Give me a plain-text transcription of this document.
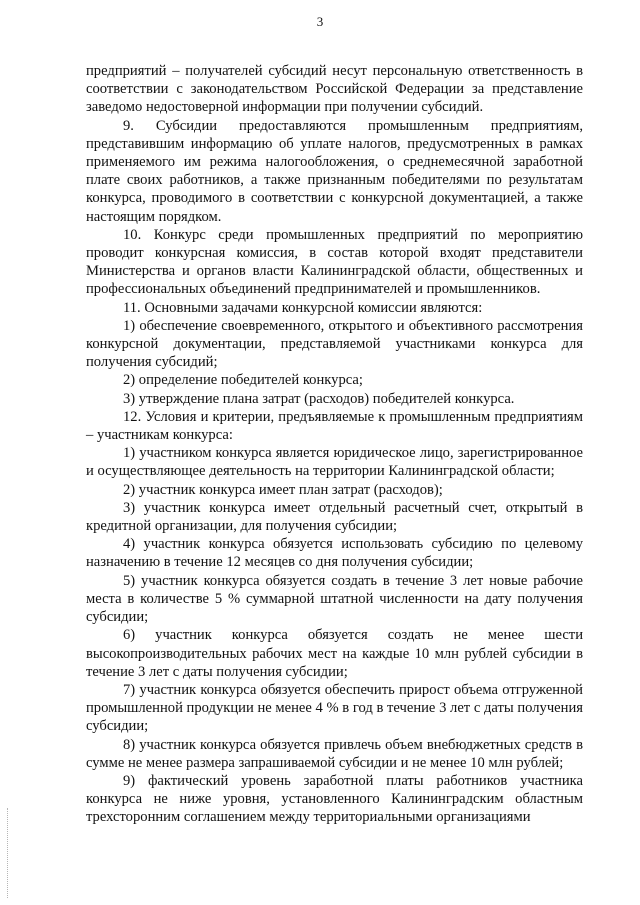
3

предприятий – получателей субсидий несут персональную ответственность в соответствии с законодательством Российской Федерации за представление заведомо недостоверной информации при получении субсидий.

9. Субсидии предоставляются промышленным предприятиям, представившим информацию об уплате налогов, предусмотренных в рамках применяемого им режима налогообложения, о среднемесячной заработной плате своих работников, а также признанным победителями по результатам конкурса, проводимого в соответствии с конкурсной документацией, а также настоящим порядком.

10. Конкурс среди промышленных предприятий по мероприятию проводит конкурсная комиссия, в состав которой входят представители Министерства и органов власти Калининградской области, общественных и профессиональных объединений предпринимателей и промышленников.

11. Основными задачами конкурсной комиссии являются:

1) обеспечение своевременного, открытого и объективного рассмотрения конкурсной документации, представляемой участниками конкурса для получения субсидий;

2) определение победителей конкурса;

3) утверждение плана затрат (расходов) победителей конкурса.

12. Условия и критерии, предъявляемые к промышленным предприятиям – участникам конкурса:

1) участником конкурса является юридическое лицо, зарегистрированное и осуществляющее деятельность на территории Калининградской области;

2) участник конкурса имеет план затрат (расходов);

3) участник конкурса имеет отдельный расчетный счет, открытый в кредитной организации, для получения субсидии;

4) участник конкурса обязуется использовать субсидию по целевому назначению в течение 12 месяцев со дня получения субсидии;

5) участник конкурса обязуется создать в течение 3 лет новые рабочие места в количестве 5 % суммарной штатной численности на дату получения субсидии;

6) участник конкурса обязуется создать не менее шести высокопроизводительных рабочих мест на каждые 10 млн рублей субсидии в течение 3 лет с даты получения субсидии;

7) участник конкурса обязуется обеспечить прирост объема отгруженной промышленной продукции не менее 4 % в год в течение 3 лет с даты получения субсидии;

8) участник конкурса обязуется привлечь объем внебюджетных средств в сумме не менее размера запрашиваемой субсидии и не менее 10 млн рублей;

9) фактический уровень заработной платы работников участника конкурса не ниже уровня, установленного Калининградским областным трехсторонним соглашением между территориальными организациями
